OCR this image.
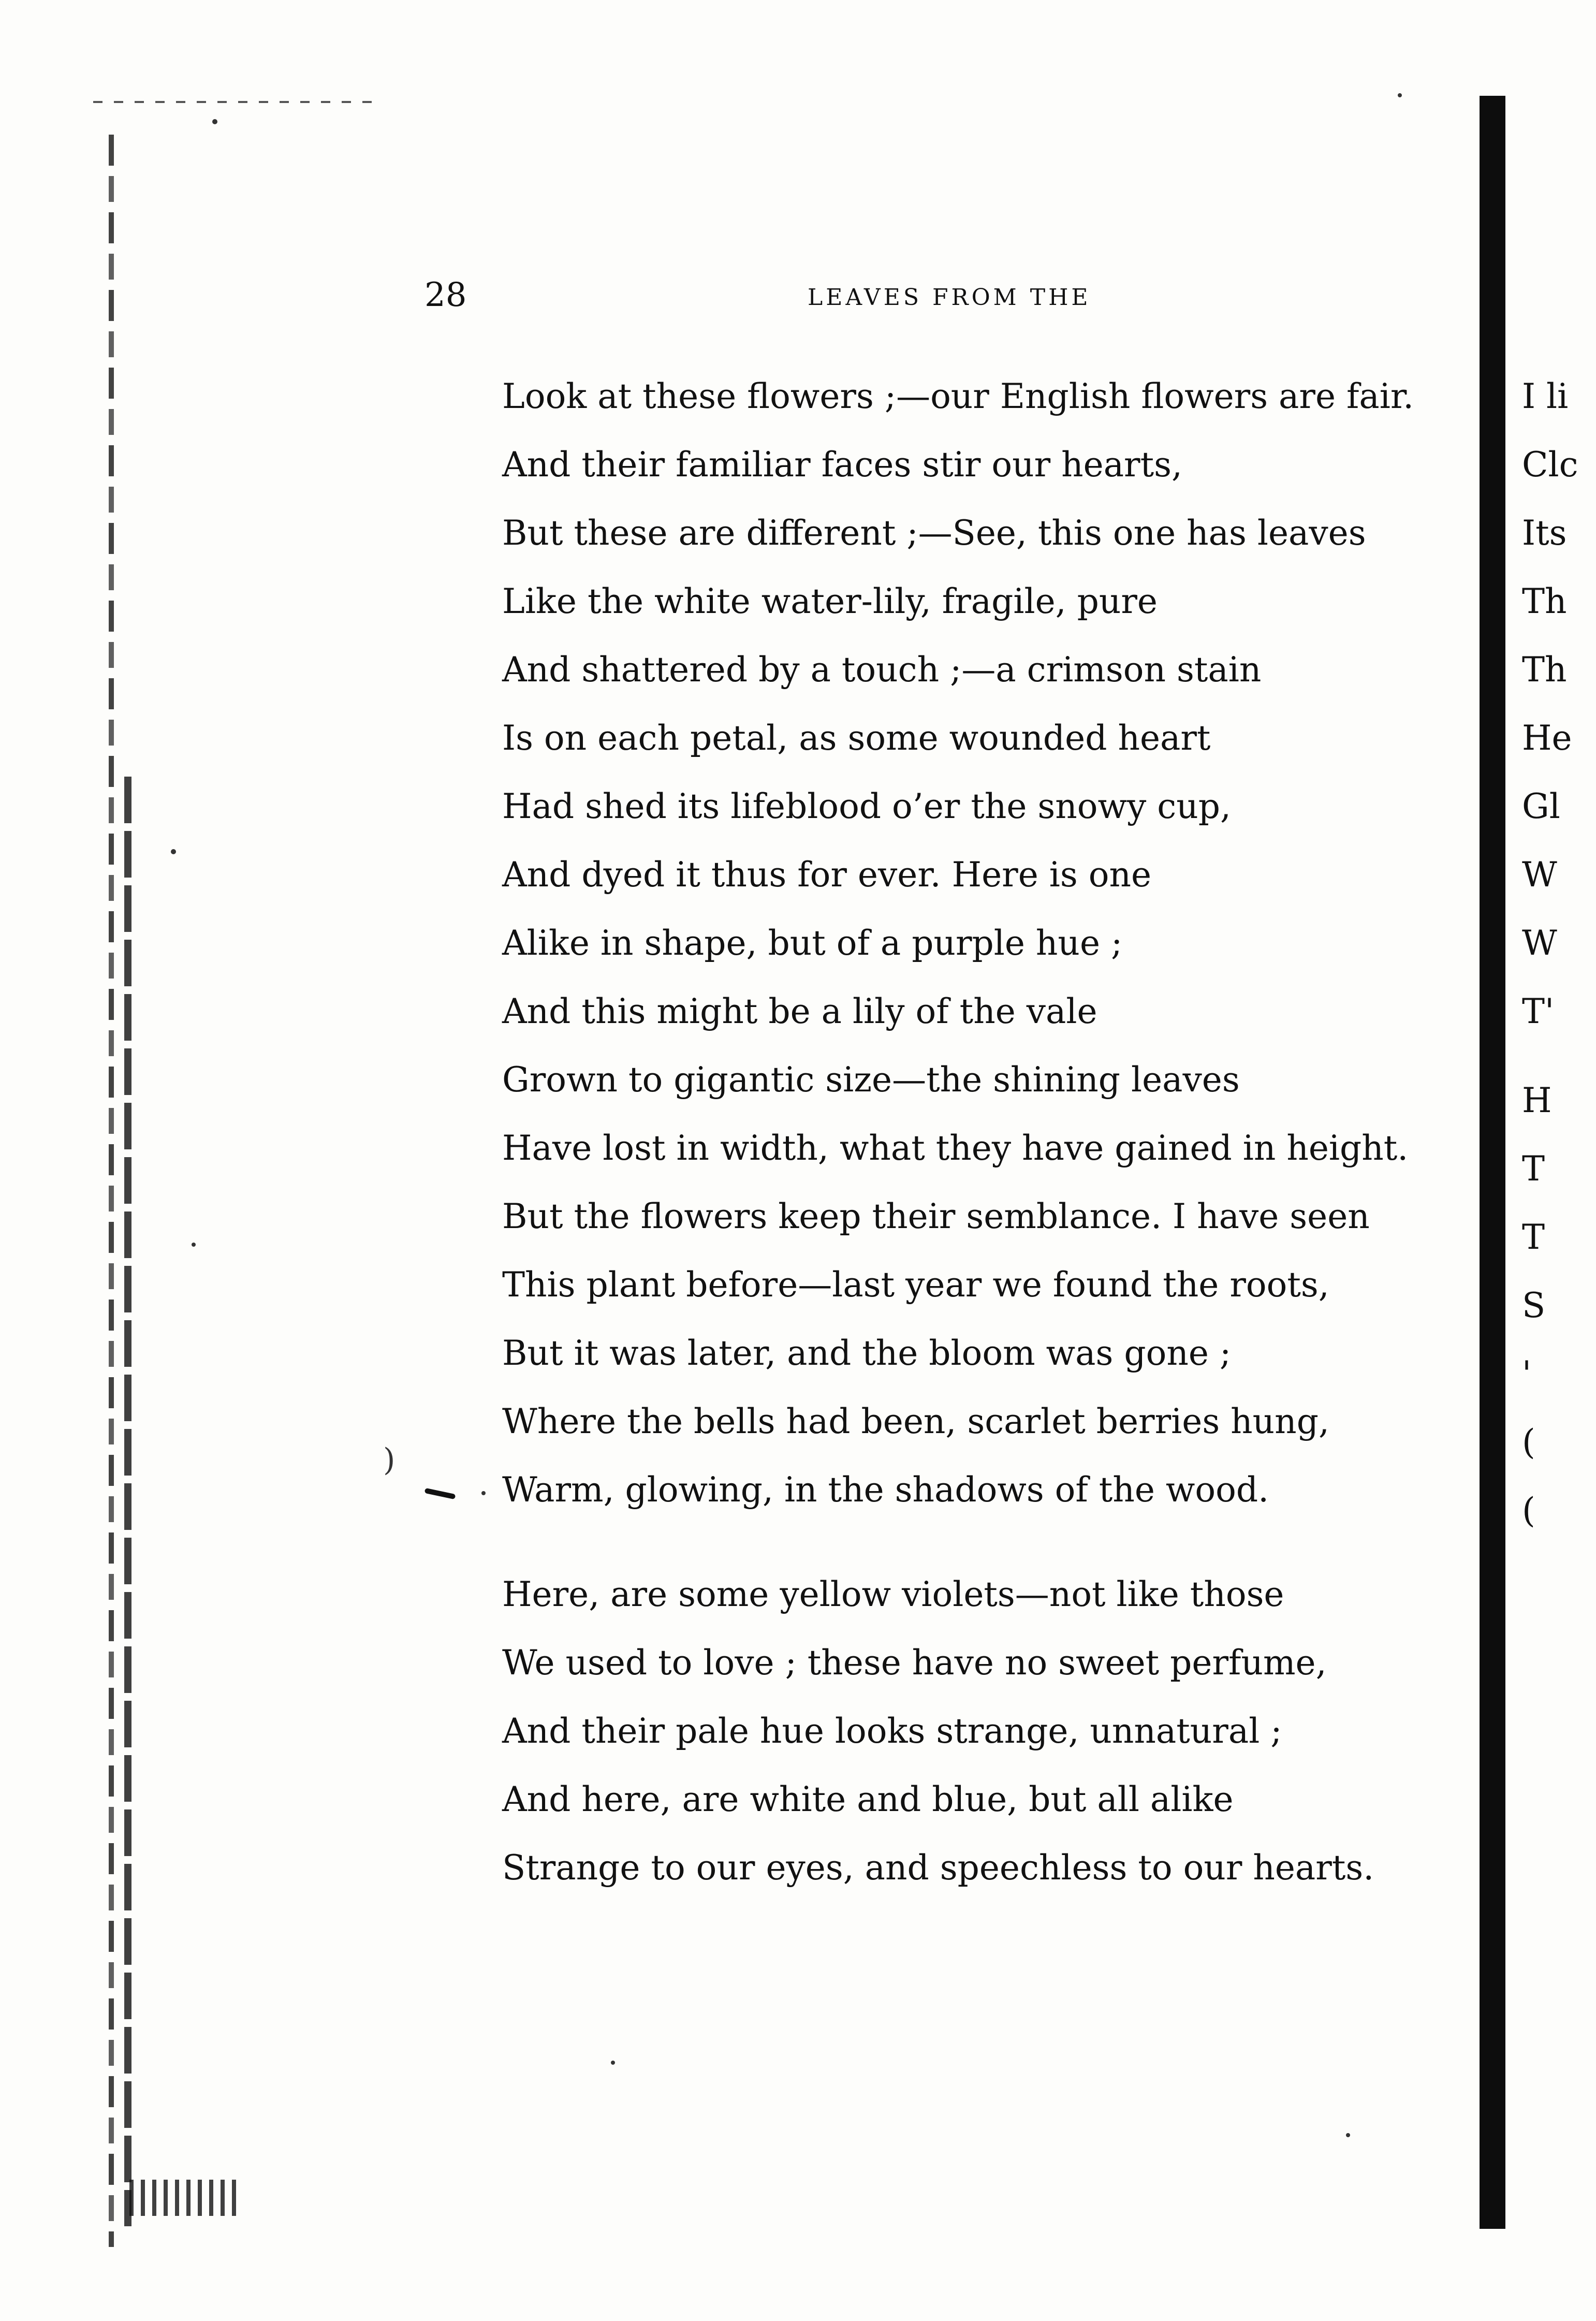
28	LEAVES FROM THE

Look at these flowers ;—our English flowers are fair.
And their familiar faces stir our hearts,
But these are different ;—See, this one has leaves
Like the white water-lily, fragile, pure
And shattered by a touch ;—a crimson stain
Is on each petal, as some wounded heart
Had shed its lifeblood o’er the snowy cup,
And dyed it thus for ever. Here is one
Alike in shape, but of a purple hue ;
And this might be a lily of the vale
Grown to gigantic size—the shining leaves
Have lost in width, what they have gained in height.
But the flowers keep their semblance. I have seen
This plant before—last year we found the roots,
But it was later, and the bloom was gone ;
Where the bells had been, scarlet berries hung,
Warm, glowing, in the shadows of the wood.

Here, are some yellow violets—not like those
We used to love ; these have no sweet perfume,
And their pale hue looks strange, unnatural ;
And here, are white and blue, but all alike
Strange to our eyes, and speechless to our hearts.

I li
Clc
Its
Th
Th
He
Gl
W
W
T'
H
T
T
S
'
(
(
)
